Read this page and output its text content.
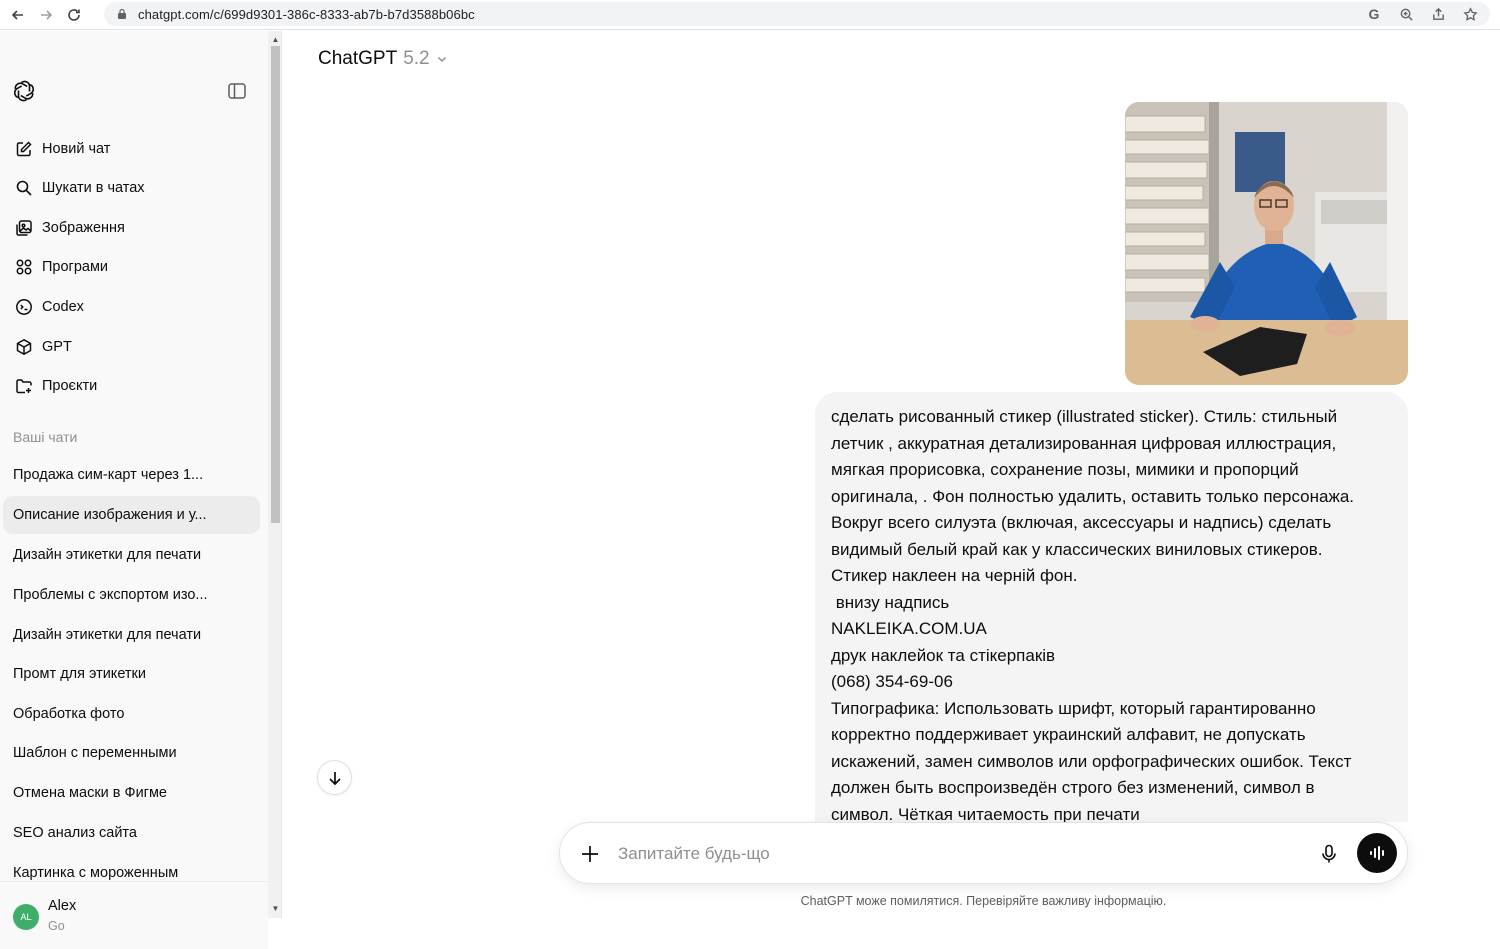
chatgpt.com/c/699d9301-386c-8333-ab7b-b7d3588b06bc	G
Новий чат
Шукати в чатах
Зображення
Програми
Codex
GPT
Проєкти
Ваші чати
Продажа сим-карт через 1...
Описание изображения и у...
Дизайн этикетки для печати
Проблемы с экспортом изо...
Дизайн этикетки для печати
Промт для этикетки
Обработка фото
Шаблон с переменными
Отмена маски в Фигме
SEO анализ сайта
Картинка с мороженным
AL
Alex
Go
▲
▼
ChatGPT 5.2
сделать рисованный стикер (illustrated sticker). Стиль: стильный
летчик , аккуратная детализированная цифровая иллюстрация,
мягкая прорисовка, сохранение позы, мимики и пропорций
оригинала, . Фон полностью удалить, оставить только персонажа.
Вокруг всего силуэта (включая, аксессуары и надпись) сделать
видимый белый край как у классических виниловых стикеров.
Стикер наклеен на черній фон.
внизу надпись
NAKLEIKA.COM.UA
друк наклейок та стікерпаків
(068) 354-69-06
Типографика: Использовать шрифт, который гарантированно
корректно поддерживает украинский алфавит, не допускать
искажений, замен символов или орфографических ошибок. Текст
должен быть воспроизведён строго без изменений, символ в
символ. Чёткая читаемость при печати
Запитайте будь-що
ChatGPT може помилятися. Перевіряйте важливу інформацію.
